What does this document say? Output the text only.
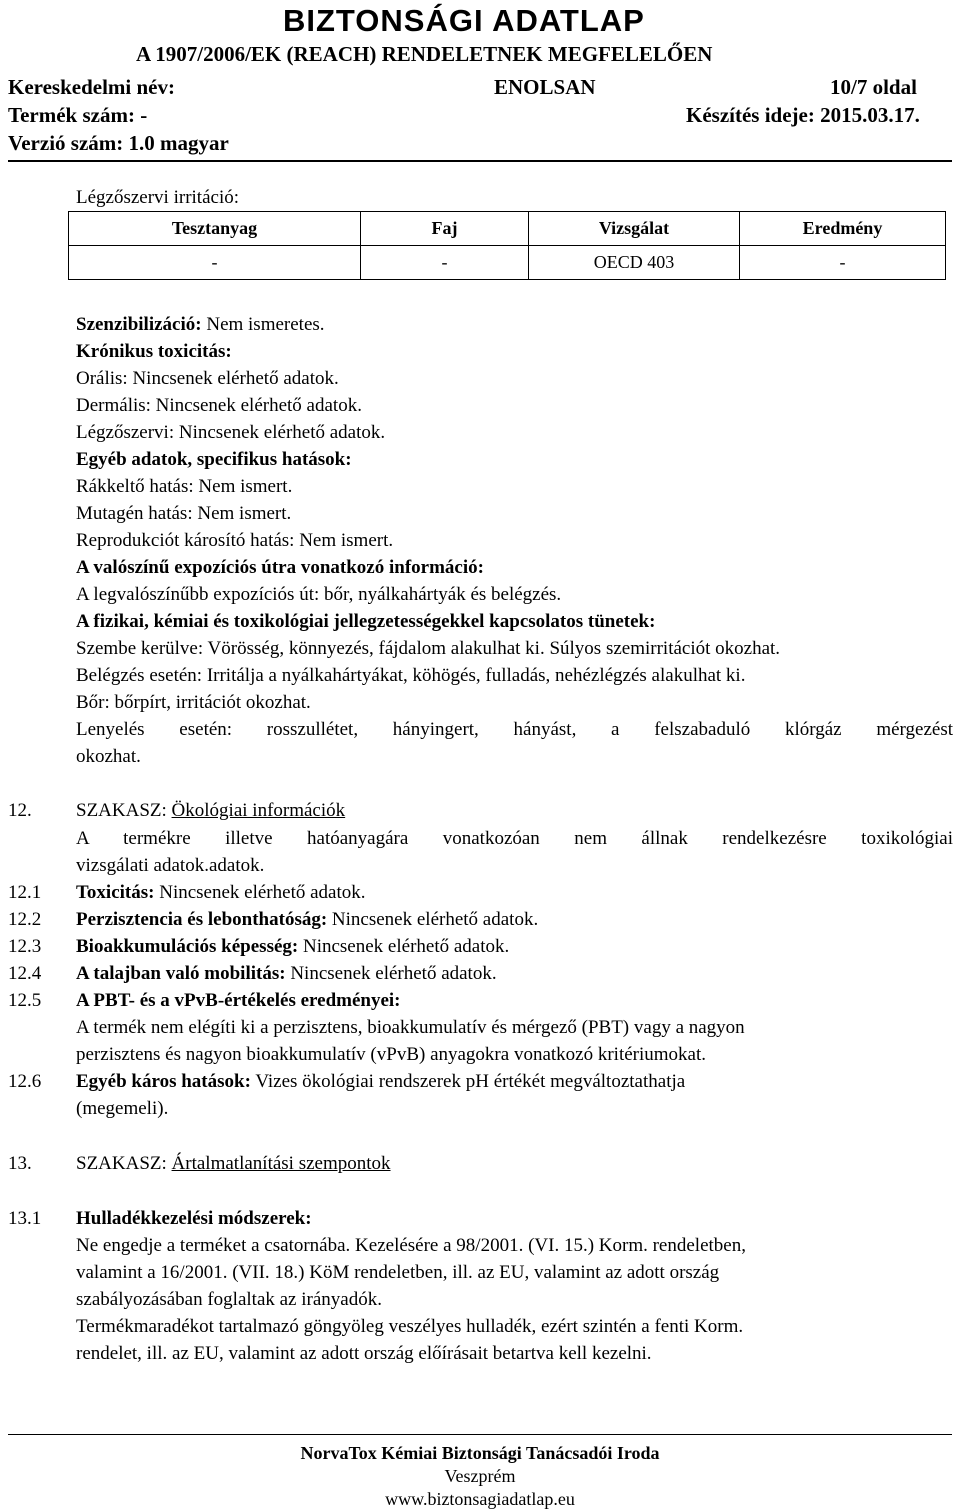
BIZTONSÁGI ADATLAP
A 1907/2006/EK (REACH) RENDELETNEK MEGFELELŐEN
Kereskedelmi név:	ENOLSAN	10/7 oldal
Termék szám: -	Készítés ideje: 2015.03.17.
Verzió szám: 1.0 magyar
Légzőszervi irritáció:
Tesztanyag	Faj	Vizsgálat	Eredmény
-	-	OECD 403	-
Szenzibilizáció: Nem ismeretes.
Krónikus toxicitás:
Orális: Nincsenek elérhető adatok.
Dermális: Nincsenek elérhető adatok.
Légzőszervi: Nincsenek elérhető adatok.
Egyéb adatok, specifikus hatások:
Rákkeltő hatás: Nem ismert.
Mutagén hatás: Nem ismert.
Reprodukciót károsító hatás: Nem ismert.
A valószínű expozíciós útra vonatkozó információ:
A legvalószínűbb expozíciós út: bőr, nyálkahártyák és belégzés.
A fizikai, kémiai és toxikológiai jellegzetességekkel kapcsolatos tünetek:
Szembe kerülve: Vörösség, könnyezés, fájdalom alakulhat ki. Súlyos szemirritációt okozhat.
Belégzés esetén: Irritálja a nyálkahártyákat, köhögés, fulladás, nehézlégzés alakulhat ki.
Bőr: bőrpírt, irritációt okozhat.
Lenyelés esetén: rosszullétet, hányingert, hányást, a felszabaduló klórgáz mérgezést
okozhat.
12. SZAKASZ: Ökológiai információk
A termékre illetve hatóanyagára vonatkozóan nem állnak rendelkezésre toxikológiai
vizsgálati adatok.adatok.
12.1 Toxicitás: Nincsenek elérhető adatok.
12.2 Perzisztencia és lebonthatóság: Nincsenek elérhető adatok.
12.3 Bioakkumulációs képesség: Nincsenek elérhető adatok.
12.4 A talajban való mobilitás: Nincsenek elérhető adatok.
12.5 A PBT- és a vPvB-értékelés eredményei:
A termék nem elégíti ki a perzisztens, bioakkumulatív és mérgező (PBT) vagy a nagyon
perzisztens és nagyon bioakkumulatív (vPvB) anyagokra vonatkozó kritériumokat.
12.6 Egyéb káros hatások: Vizes ökológiai rendszerek pH értékét megváltoztathatja
(megemeli).
13. SZAKASZ: Ártalmatlanítási szempontok
13.1 Hulladékkezelési módszerek:
Ne engedje a terméket a csatornába. Kezelésére a 98/2001. (VI. 15.) Korm. rendeletben,
valamint a 16/2001. (VII. 18.) KöM rendeletben, ill. az EU, valamint az adott ország
szabályozásában foglaltak az irányadók.
Termékmaradékot tartalmazó göngyöleg veszélyes hulladék, ezért szintén a fenti Korm.
rendelet, ill. az EU, valamint az adott ország előírásait betartva kell kezelni.
NorvaTox Kémiai Biztonsági Tanácsadói Iroda
Veszprém
www.biztonsagiadatlap.eu
